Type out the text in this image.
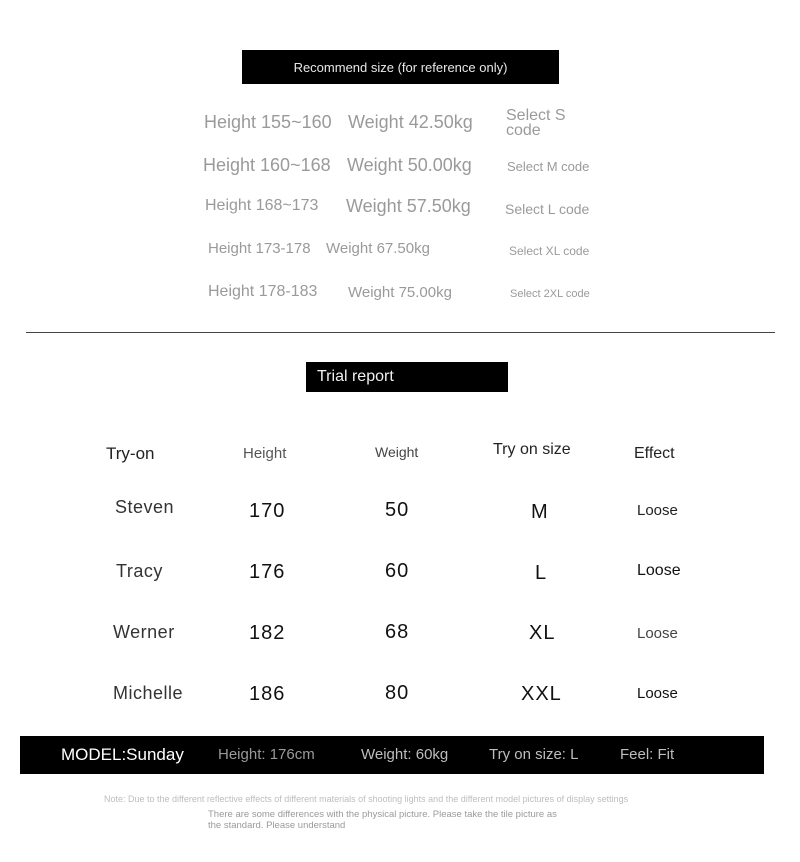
Recommend size (for reference only)
Height 155~160 Weight 42.50kg Select S code
Height 160~168 Weight 50.00kg	Select M code
Height 168~173 Weight 57.50kg Select L code
Height 173-178 Weight 67.50kg	Select XL code
Height 178-183 Weight 75.00kg	Select 2XL code
Trial report
Try-on	Height	Weight	Try on size	Effect
Steven	170	50	M	Loose
Tracy	176	60	L	Loose
Werner	182	68	XL	Loose
Michelle	186	80	XXL	Loose
MODEL:Sunday Height: 176cm	Weight: 60kg	Try on size: L	Feel: Fit
Note: Due to the different reflective effects of different materials of shooting lights and the different model pictures of display settings
There are some differences with the physical picture. Please take the tile picture as
the standard. Please understand
